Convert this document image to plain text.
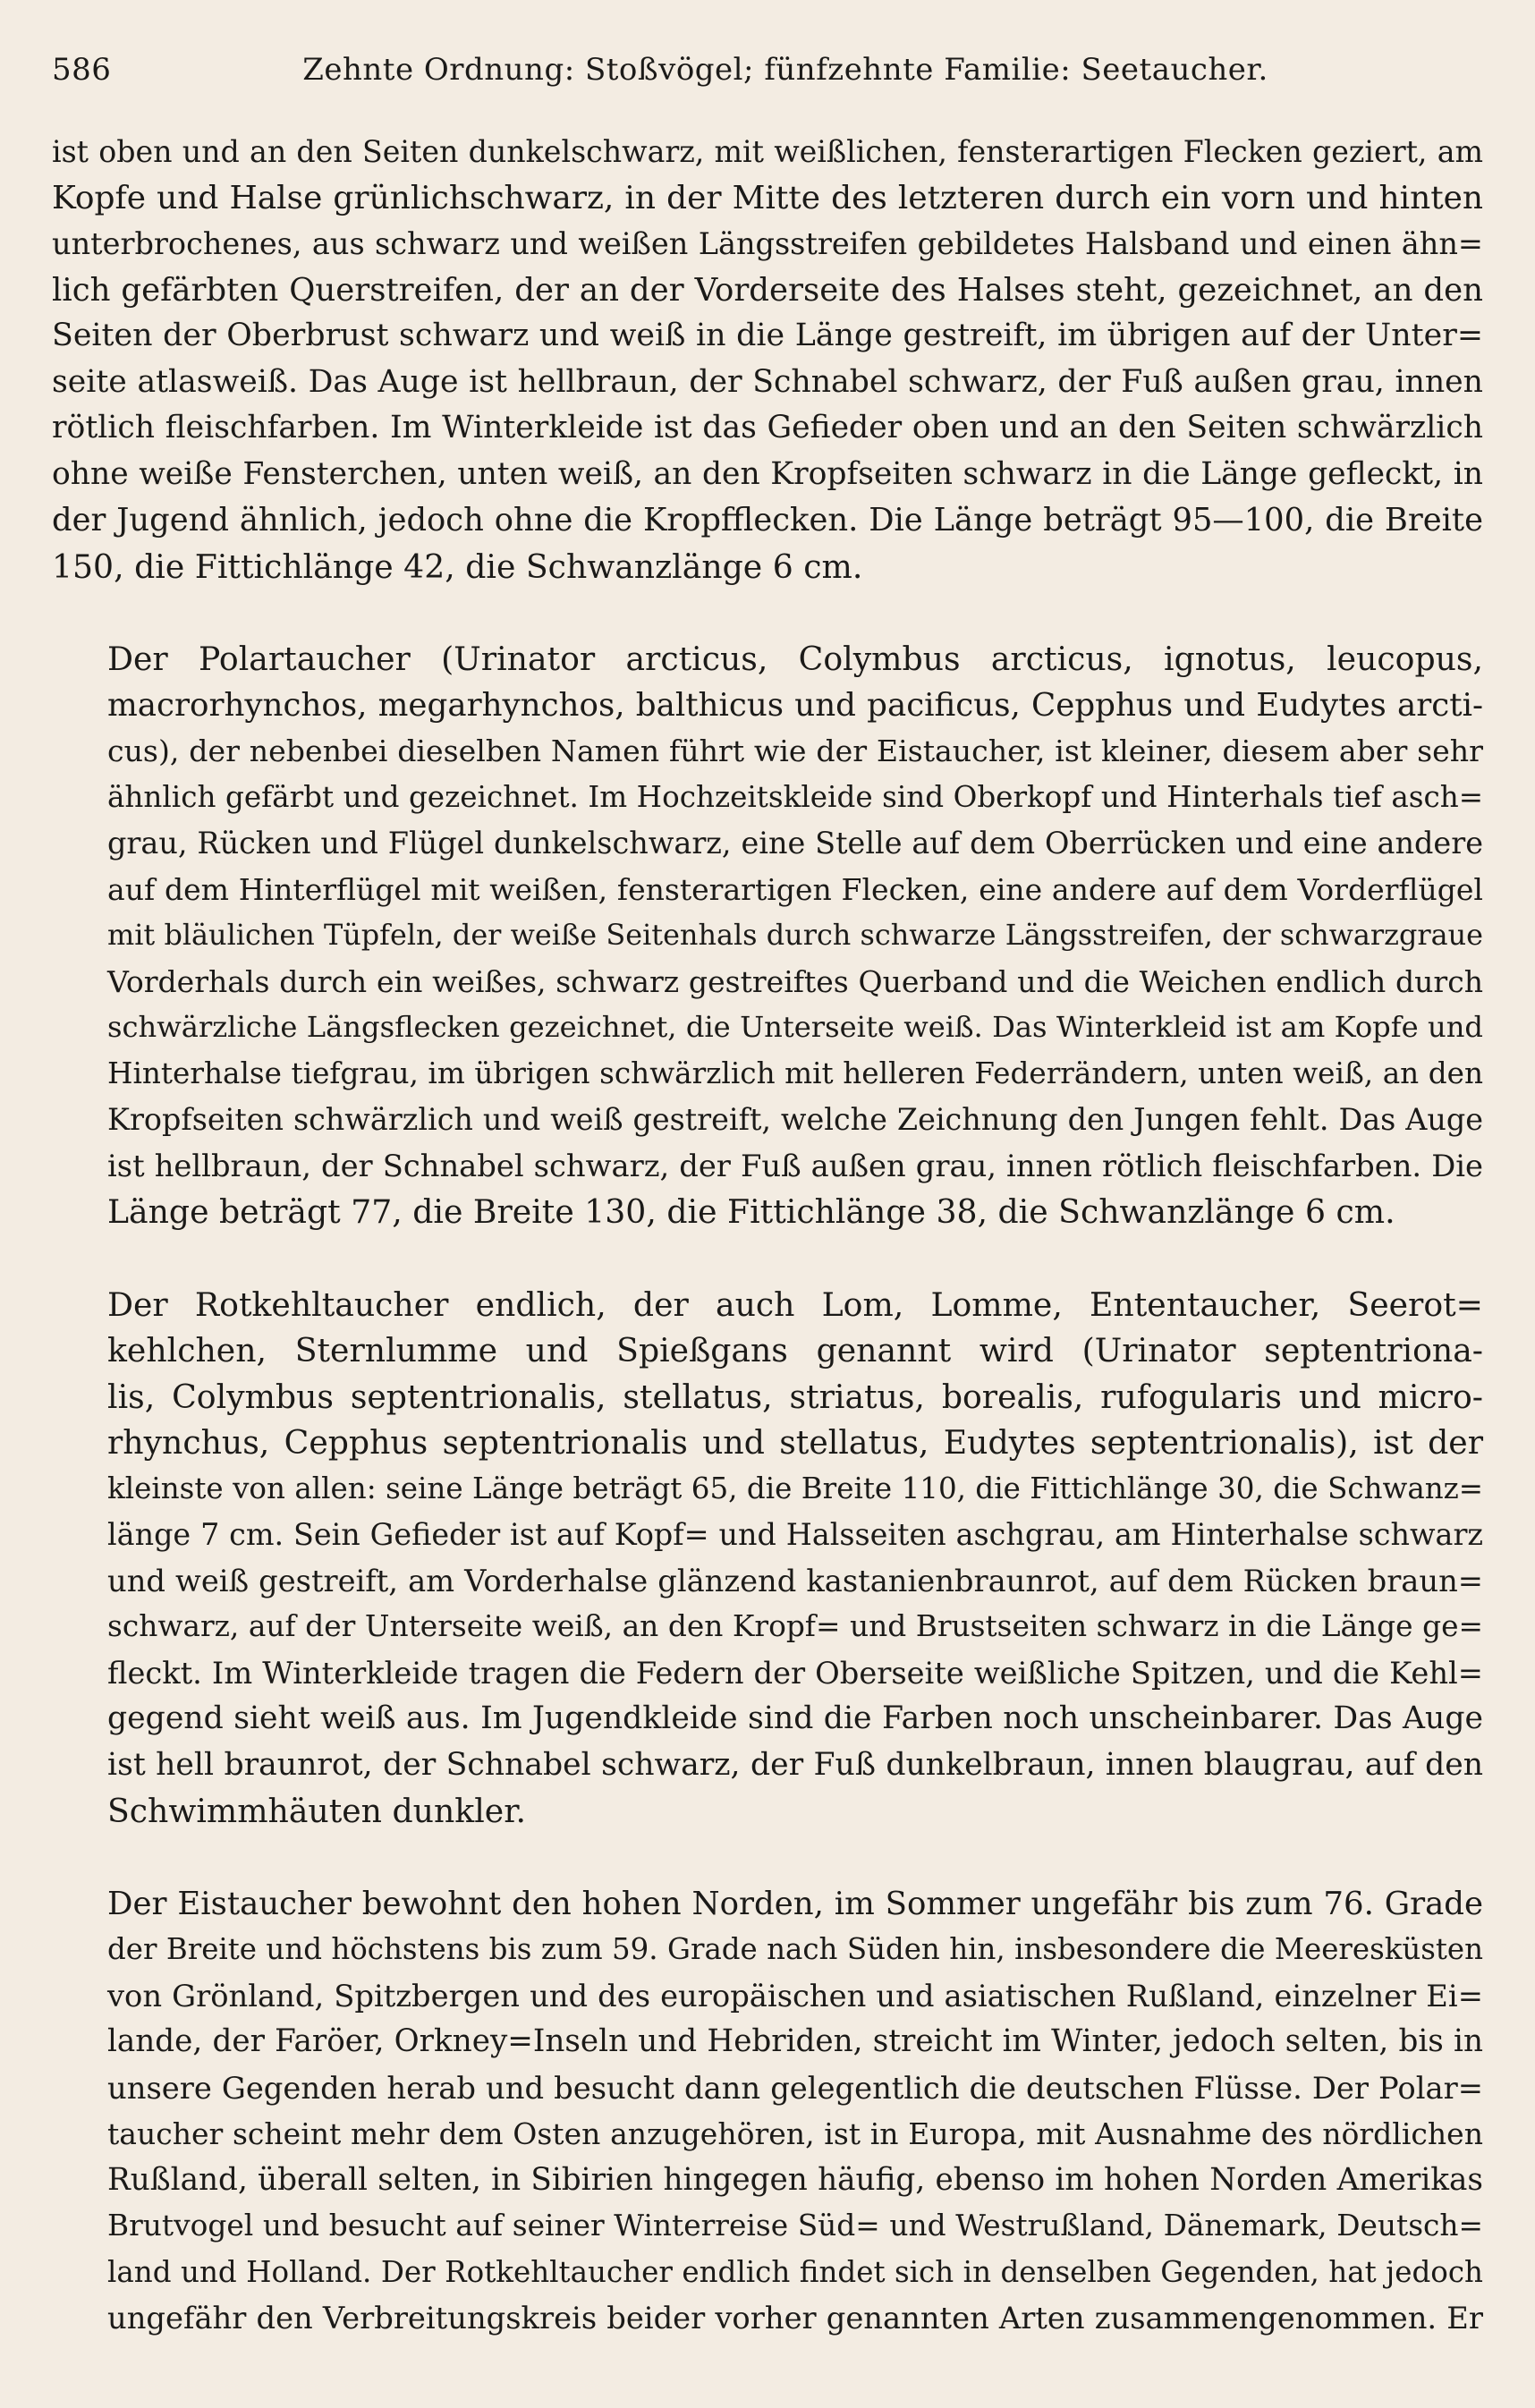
586	Zehnte Ordnung: Stoßvögel; fünfzehnte Familie: Seetaucher.

ist oben und an den Seiten dunkelschwarz, mit weißlichen, fensterartigen Flecken geziert, am
Kopfe und Halse grünlichschwarz, in der Mitte des letzteren durch ein vorn und hinten
unterbrochenes, aus schwarz und weißen Längsstreifen gebildetes Halsband und einen ähn=
lich gefärbten Querstreifen, der an der Vorderseite des Halses steht, gezeichnet, an den
Seiten der Oberbrust schwarz und weiß in die Länge gestreift, im übrigen auf der Unter=
seite atlasweiß. Das Auge ist hellbraun, der Schnabel schwarz, der Fuß außen grau, innen
rötlich fleischfarben. Im Winterkleide ist das Gefieder oben und an den Seiten schwärzlich
ohne weiße Fensterchen, unten weiß, an den Kropfseiten schwarz in die Länge gefleckt, in
der Jugend ähnlich, jedoch ohne die Kropfflecken. Die Länge beträgt 95—100, die Breite
150, die Fittichlänge 42, die Schwanzlänge 6 cm.

Der Polartaucher (Urinator arcticus, Colymbus arcticus, ignotus, leucopus,
macrorhynchos, megarhynchos, balthicus und pacificus, Cepphus und Eudytes arcti-
cus), der nebenbei dieselben Namen führt wie der Eistaucher, ist kleiner, diesem aber sehr
ähnlich gefärbt und gezeichnet. Im Hochzeitskleide sind Oberkopf und Hinterhals tief asch=
grau, Rücken und Flügel dunkelschwarz, eine Stelle auf dem Oberrücken und eine andere
auf dem Hinterflügel mit weißen, fensterartigen Flecken, eine andere auf dem Vorderflügel
mit bläulichen Tüpfeln, der weiße Seitenhals durch schwarze Längsstreifen, der schwarzgraue
Vorderhals durch ein weißes, schwarz gestreiftes Querband und die Weichen endlich durch
schwärzliche Längsflecken gezeichnet, die Unterseite weiß. Das Winterkleid ist am Kopfe und
Hinterhalse tiefgrau, im übrigen schwärzlich mit helleren Federrändern, unten weiß, an den
Kropfseiten schwärzlich und weiß gestreift, welche Zeichnung den Jungen fehlt. Das Auge
ist hellbraun, der Schnabel schwarz, der Fuß außen grau, innen rötlich fleischfarben. Die
Länge beträgt 77, die Breite 130, die Fittichlänge 38, die Schwanzlänge 6 cm.

Der Rotkehltaucher endlich, der auch Lom, Lomme, Ententaucher, Seerot=
kehlchen, Sternlumme und Spießgans genannt wird (Urinator septentriona-
lis, Colymbus septentrionalis, stellatus, striatus, borealis, rufogularis und micro-
rhynchus, Cepphus septentrionalis und stellatus, Eudytes septentrionalis), ist der
kleinste von allen: seine Länge beträgt 65, die Breite 110, die Fittichlänge 30, die Schwanz=
länge 7 cm. Sein Gefieder ist auf Kopf= und Halsseiten aschgrau, am Hinterhalse schwarz
und weiß gestreift, am Vorderhalse glänzend kastanienbraunrot, auf dem Rücken braun=
schwarz, auf der Unterseite weiß, an den Kropf= und Brustseiten schwarz in die Länge ge=
fleckt. Im Winterkleide tragen die Federn der Oberseite weißliche Spitzen, und die Kehl=
gegend sieht weiß aus. Im Jugendkleide sind die Farben noch unscheinbarer. Das Auge
ist hell braunrot, der Schnabel schwarz, der Fuß dunkelbraun, innen blaugrau, auf den
Schwimmhäuten dunkler.

Der Eistaucher bewohnt den hohen Norden, im Sommer ungefähr bis zum 76. Grade
der Breite und höchstens bis zum 59. Grade nach Süden hin, insbesondere die Meeresküsten
von Grönland, Spitzbergen und des europäischen und asiatischen Rußland, einzelner Ei=
lande, der Faröer, Orkney=Inseln und Hebriden, streicht im Winter, jedoch selten, bis in
unsere Gegenden herab und besucht dann gelegentlich die deutschen Flüsse. Der Polar=
taucher scheint mehr dem Osten anzugehören, ist in Europa, mit Ausnahme des nördlichen
Rußland, überall selten, in Sibirien hingegen häufig, ebenso im hohen Norden Amerikas
Brutvogel und besucht auf seiner Winterreise Süd= und Westrußland, Dänemark, Deutsch=
land und Holland. Der Rotkehltaucher endlich findet sich in denselben Gegenden, hat jedoch
ungefähr den Verbreitungskreis beider vorher genannten Arten zusammengenommen. Er
